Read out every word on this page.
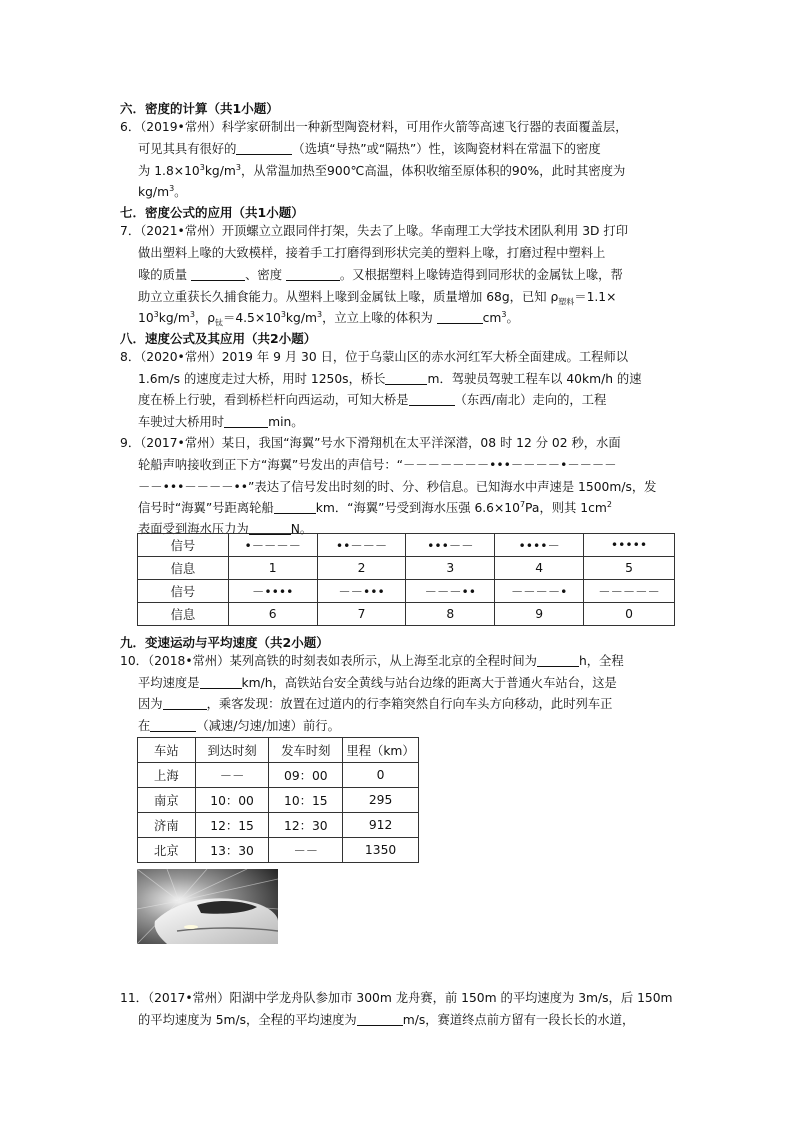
六．密度的计算（共1小题）
6．（2019•常州）科学家研制出一种新型陶瓷材料，可用作火箭等高速飞行器的表面覆盖层，
可见其具有很好的	（选填“导热”或“隔热”）性，该陶瓷材料在常温下的密度
为 $1.8\times 10^3kg/m^3$，从常温加热至900℃高温，体积收缩至原体积的90%，此时其密度为
$kg/m^3$。
七．密度公式的应用（共1小题）
7．（2021•常州）开顶螺立立跟同伴打架，失去了上喙。华南理工大学技术团队利用 3D 打印
做出塑料上喙的大致模样，接着手工打磨得到形状完美的塑料上喙，打磨过程中塑料上
喙的质量	、密度	。又根据塑料上喙铸造得到同形状的金属钛上喙，帮
助立立重获长久捕食能力。从塑料上喙到金属钛上喙，质量增加 68g，已知 $\rho_{塑料}=1.1\times$
$10^3kg/m^3$，$\rho_钛=4.5\times 10^3kg/m^3$，立立上喙的体积为	$cm^3$。
八．速度公式及其应用（共2小题）
8．（2020•常州）2019 年 9 月 30 日，位于乌蒙山区的赤水河红军大桥全面建成。工程师以
1.6m/s 的速度走过大桥，用时 1250s，桥长	m．驾驶员驾驶工程车以 40km/h 的速
度在桥上行驶，看到桥栏杆向西运动，可知大桥是	（东西/南北）走向的，工程
车驶过大桥用时	min。
9．（2017•常州）某日，我国“海翼”号水下滑翔机在太平洋深潜，08 时 12 分 02 秒，水面
轮船声呐接收到正下方“海翼”号发出的声信号：“－－－－－－－•••－－－－•－－－－
－－•••－－－－••”表达了信号发出时刻的时、分、秒信息。已知海水中声速是 1500m/s，发
信号时“海翼”号距离轮船	km．“海翼”号受到海水压强 $6.6\times 10^7Pa$，则其 $1cm^2$
表面受到海水压力为	N。
信号	•－－－－	••－－－	•••－－	••••－	•••••
信息	1	2	3	4	5
信号	－••••	－－•••	－－－••	－－－－•	－－－－－
信息	6	7	8	9	0
九．变速运动与平均速度（共2小题）
10．（2018•常州）某列高铁的时刻表如表所示，从上海至北京的全程时间为	h，全程
平均速度是	km/h，高铁站台安全黄线与站台边缘的距离大于普通火车站台，这是
因为	，乘客发现：放置在过道内的行李箱突然自行向车头方向移动，此时列车正
在	（减速/匀速/加速）前行。
车站	到达时刻	发车时刻	里程（km）
上海	－－	09：00	0
南京	10：00	10：15	295
济南	12：15	12：30	912
北京	13：30	－－	1350
11．（2017•常州）阳湖中学龙舟队参加市 300m 龙舟赛，前 150m 的平均速度为 3m/s，后 150m
的平均速度为 5m/s，全程的平均速度为	m/s，赛道终点前方留有一段长长的水道，
